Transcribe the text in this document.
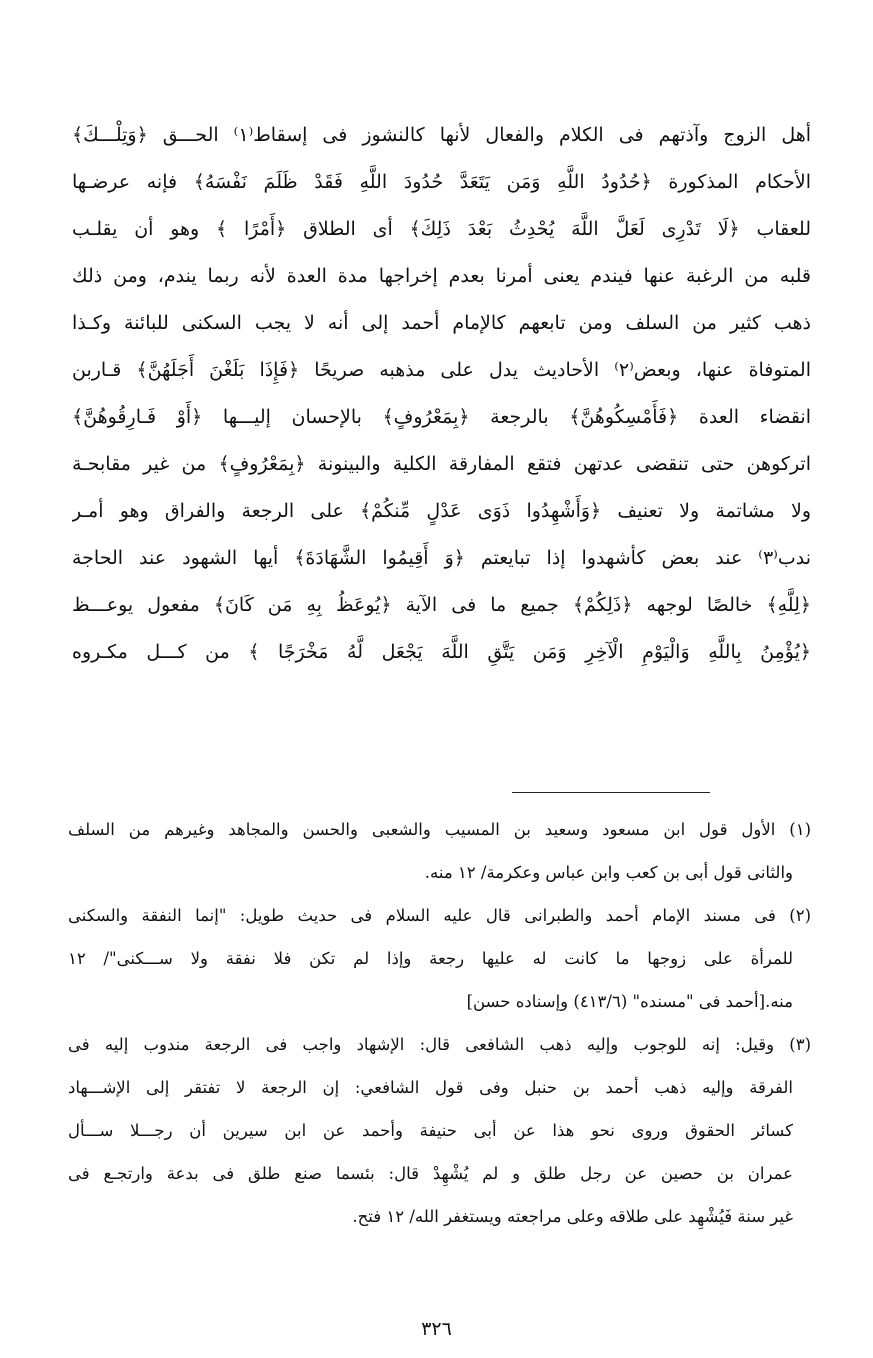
أهل الزوج وآذتهم فى الكلام والفعال لأنها كالنشوز فى إسقاط⁽١⁾ الحـــق ﴿وَتِلْـــكَ﴾
الأحكام المذكورة ﴿حُدُودُ اللَّهِ وَمَن يَتَعَدَّ حُدُودَ اللَّهِ فَقَدْ ظَلَمَ نَفْسَهُ﴾ فإنه عرضـها
للعقاب ﴿لَا تَدْرِى لَعَلَّ اللَّهَ يُحْدِثُ بَعْدَ ذَلِكَ﴾ أى الطلاق ﴿أَمْرًا ﴾ وهو أن يقلـب
قلبه من الرغبة عنها فيندم يعنى أمرنا بعدم إخراجها مدة العدة لأنه ربما يندم، ومن ذلك
ذهب كثير من السلف ومن تابعهم كالإمام أحمد إلى أنه لا يجب السكنى للبائنة وكـذا
المتوفاة عنها، وبعض⁽٢⁾ الأحاديث يدل على مذهبه صريحًا ﴿فَإِذَا بَلَغْنَ أَجَلَهُنَّ﴾ قـاربن
انقضاء العدة ﴿فَأَمْسِكُوهُنَّ﴾ بالرجعة ﴿بِمَعْرُوفٍ﴾ بالإحسان إليـــها ﴿أَوْ فَـارِقُوهُنَّ﴾
اتركوهن حتى تنقضى عدتهن فتقع المفارقة الكلية والبينونة ﴿بِمَعْرُوفٍ﴾ من غير مقابحـة
ولا مشاتمة ولا تعنيف ﴿وَأَشْهِدُوا ذَوَى عَدْلٍ مِّنكُمْ﴾ على الرجعة والفراق وهو أمـر
ندب⁽٣⁾ عند بعض كأشهدوا إذا تبايعتم ﴿وَ أَقِيمُوا الشَّهَادَةَ﴾ أيها الشهود عند الحاجة
﴿لِلَّهِ﴾ خالصًا لوجهه ﴿ذَلِكُمْ﴾ جميع ما فى الآية ﴿يُوعَظُ بِهِ مَن كَانَ﴾ مفعول يوعـــظ
﴿يُؤْمِنُ بِاللَّهِ وَالْيَوْمِ الْآخِرِ وَمَن يَتَّقِ اللَّهَ يَجْعَل لَّهُ مَخْرَجًا ﴾ من كـــل مكـروه
(١) الأول قول ابن مسعود وسعيد بن المسيب والشعبى والحسن والمجاهد وغيرهم من السلف
والثانى قول أبى بن كعب وابن عباس وعكرمة/ ١٢ منه.
(٢) فى مسند الإمام أحمد والطبرانى قال عليه السلام فى حديث طويل: "إنما النفقة والسكنى
للمرأة على زوجها ما كانت له عليها رجعة وإذا لم تكن فلا نفقة ولا ســـكنى"/ ١٢
منه.[أحمد فى "مسنده" (٤١٣/٦) وإسناده حسن]
(٣) وقيل: إنه للوجوب وإليه ذهب الشافعى قال: الإشهاد واجب فى الرجعة مندوب إليه فى
الفرقة وإليه ذهب أحمد بن حنبل وفى قول الشافعي: إن الرجعة لا تفتقر إلى الإشـــهاد
كسائر الحقوق وروى نحو هذا عن أبى حنيفة وأحمد عن ابن سيرين أن رجـــلا ســـأل
عمران بن حصين عن رجل طلق و لم يُشْهِدْ قال: بئسما صنع طلق فى بدعة وارتجـع فى
غير سنة فَيُشْهِد على طلاقه وعلى مراجعته ويستغفر الله/ ١٢ فتح.
٣٢٦
